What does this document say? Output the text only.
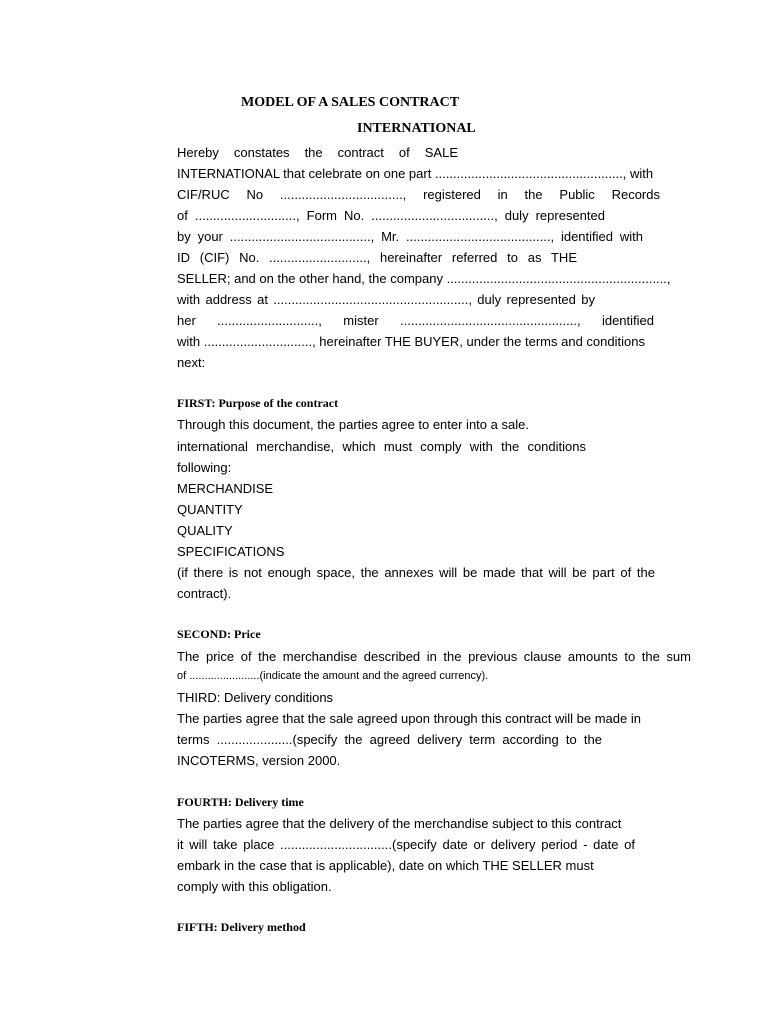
MODEL OF A SALES CONTRACT
INTERNATIONAL
Hereby constates the contract of SALE
INTERNATIONAL that celebrate on one part ...................................................., with
CIF/RUC No .................................., registered in the Public Records
of ............................, Form No. .................................., duly represented
by your ......................................., Mr. ........................................, identified with
ID (CIF) No. ..........................., hereinafter referred to as THE
SELLER; and on the other hand, the company .............................................................,
with address at ......................................................, duly represented by
her ............................, mister ................................................., identified
with .............................., hereinafter THE BUYER, under the terms and conditions
next:
FIRST: Purpose of the contract
Through this document, the parties agree to enter into a sale.
international merchandise, which must comply with the conditions
following:
MERCHANDISE
QUANTITY
QUALITY
SPECIFICATIONS
(if there is not enough space, the annexes will be made that will be part of the
contract).
SECOND: Price
The price of the merchandise described in the previous clause amounts to the sum
of .......................(indicate the amount and the agreed currency).
THIRD: Delivery conditions
The parties agree that the sale agreed upon through this contract will be made in
terms .....................(specify the agreed delivery term according to the
INCOTERMS, version 2000.
FOURTH: Delivery time
The parties agree that the delivery of the merchandise subject to this contract
it will take place ...............................(specify date or delivery period - date of
embark in the case that is applicable), date on which THE SELLER must
comply with this obligation.
FIFTH: Delivery method
